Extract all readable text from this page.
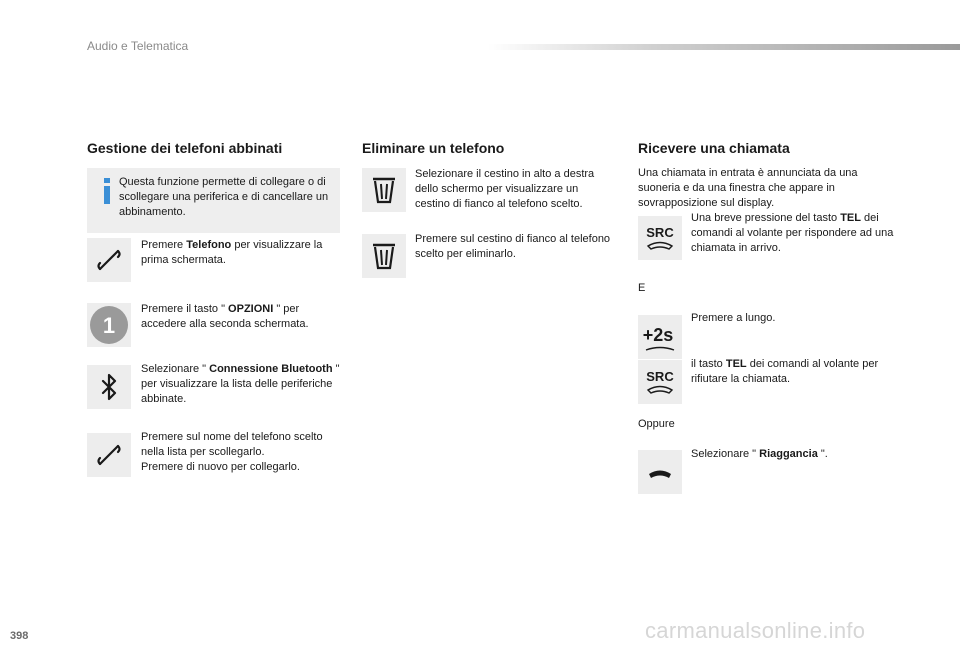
Audio e Telematica
Gestione dei telefoni abbinati
Questa funzione permette di collegare o di scollegare una periferica e di cancellare un abbinamento.
Premere Telefono per visualizzare la prima schermata.
1
Premere il tasto " OPZIONI " per accedere alla seconda schermata.
Selezionare " Connessione Bluetooth " per visualizzare la lista delle periferiche abbinate.
Premere sul nome del telefono scelto nella lista per scollegarlo.
Premere di nuovo per collegarlo.
Eliminare un telefono
Selezionare il cestino in alto a destra dello schermo per visualizzare un cestino di fianco al telefono scelto.
Premere sul cestino di fianco al telefono scelto per eliminarlo.
Ricevere una chiamata
Una chiamata in entrata è annunciata da una suoneria e da una finestra che appare in sovrapposizione sul display.
SRC
Una breve pressione del tasto TEL dei comandi al volante per rispondere ad una chiamata in arrivo.
E
+2s
Premere a lungo.
SRC
il tasto TEL dei comandi al volante per rifiutare la chiamata.
Oppure
Selezionare " Riaggancia ".
398	carmanualsonline.info
